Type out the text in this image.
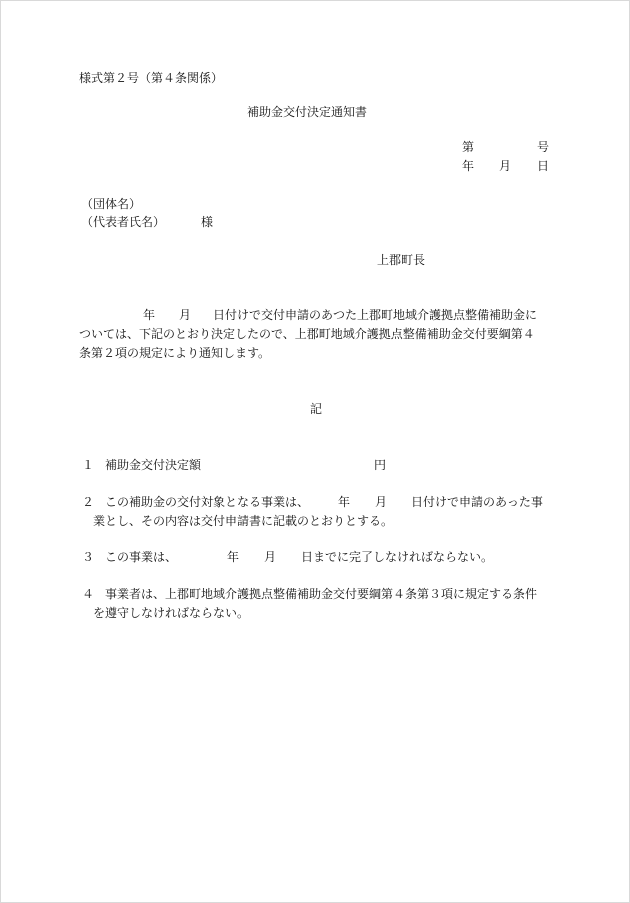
様式第２号（第４条関係）
補助金交付決定通知書
第	号
年 月 日
（団体名）
（代表者氏名）	様
上郡町長
年 月 日付けで交付申請のあつた上郡町地域介護拠点整備補助金に
ついては、下記のとおり決定したので、上郡町地域介護拠点整備補助金交付要綱第４
条第２項の規定により通知します。
記
１ 補助金交付決定額	円
２ この補助金の交付対象となる事業は、 年 月 日付けで申請のあった事
業とし、その内容は交付申請書に記載のとおりとする。
３ この事業は、	年 月 日までに完了しなければならない。
４ 事業者は、上郡町地域介護拠点整備補助金交付要綱第４条第３項に規定する条件
を遵守しなければならない。
